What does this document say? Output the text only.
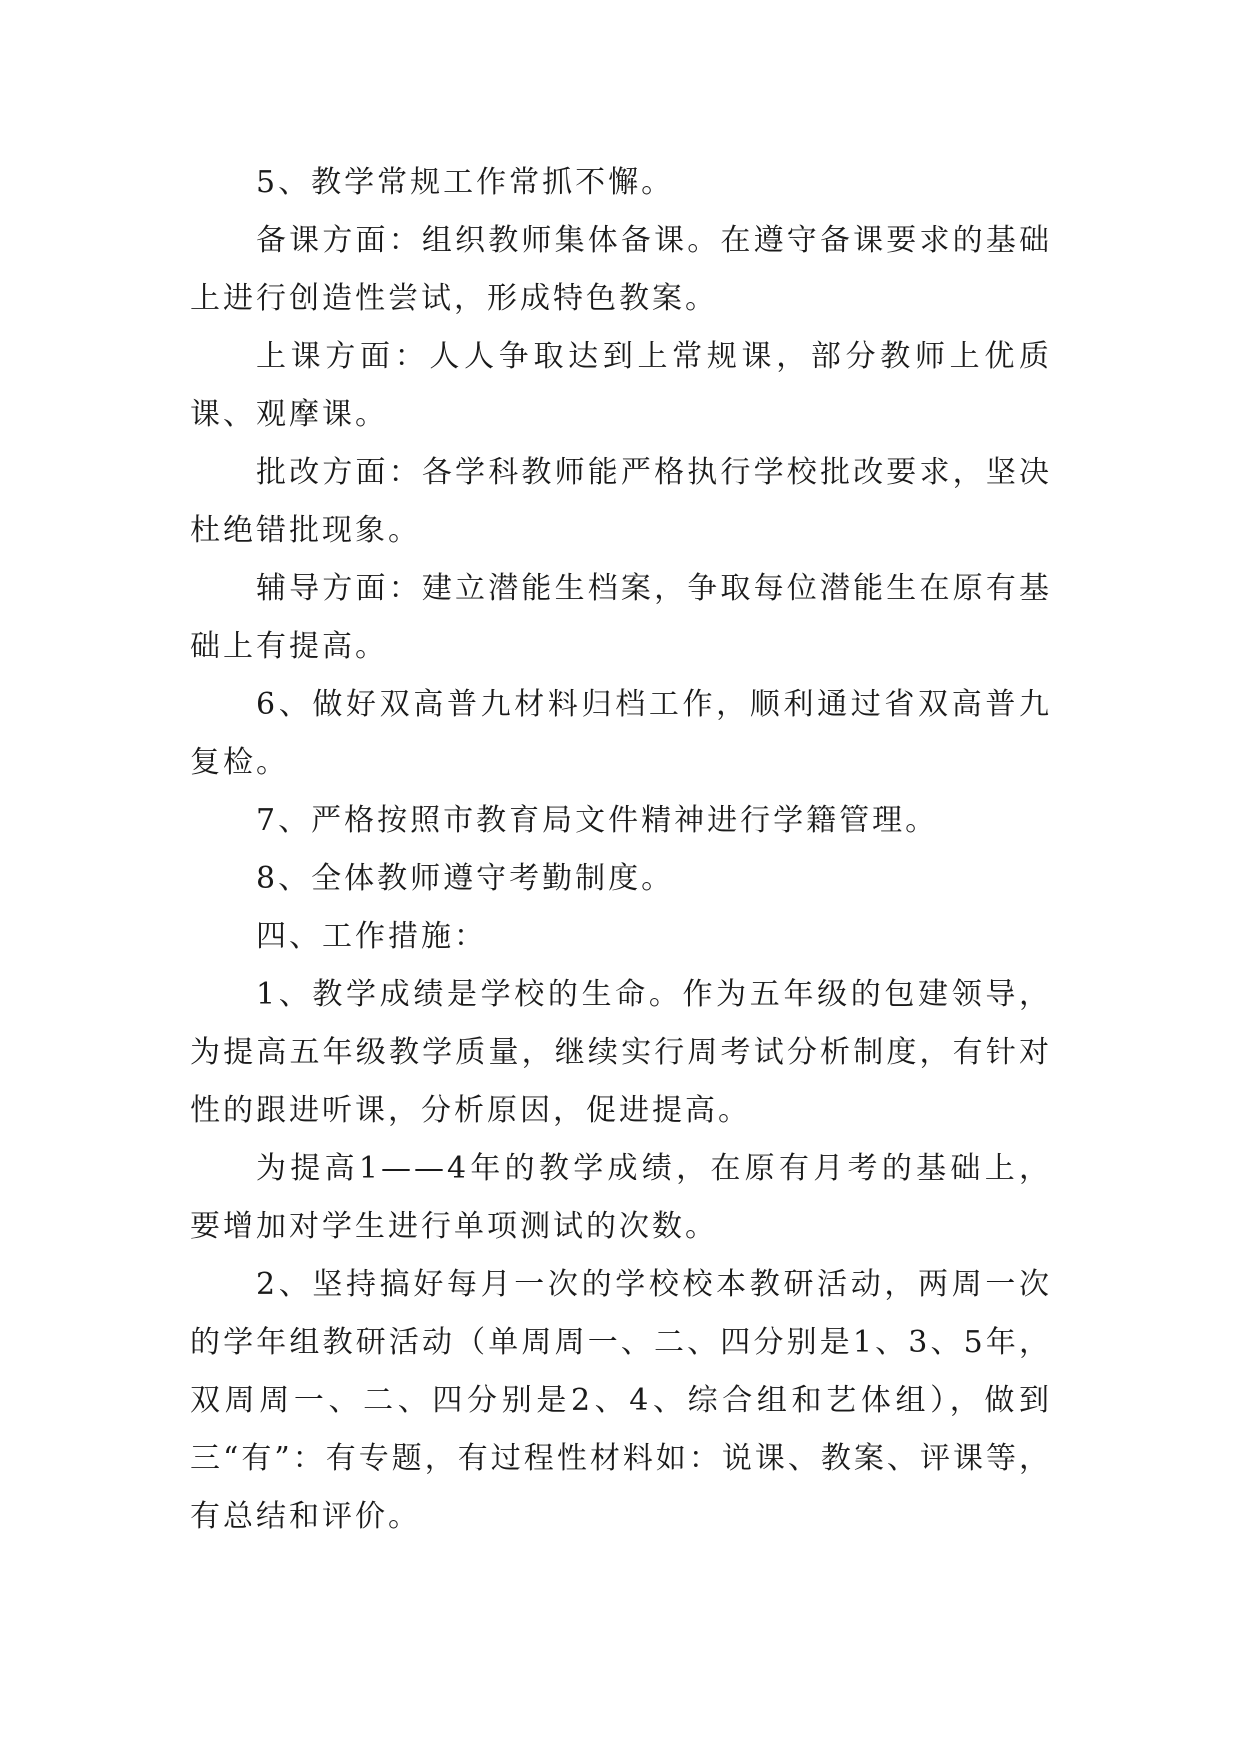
5、教学常规工作常抓不懈。

备课方面：组织教师集体备课。在遵守备课要求的基础上进行创造性尝试，形成特色教案。

上课方面：人人争取达到上常规课，部分教师上优质课、观摩课。

批改方面：各学科教师能严格执行学校批改要求，坚决杜绝错批现象。

辅导方面：建立潜能生档案，争取每位潜能生在原有基础上有提高。

6、做好双高普九材料归档工作，顺利通过省双高普九复检。

7、严格按照市教育局文件精神进行学籍管理。

8、全体教师遵守考勤制度。

四、工作措施：

1、教学成绩是学校的生命。作为五年级的包建领导，为提高五年级教学质量，继续实行周考试分析制度，有针对性的跟进听课，分析原因，促进提高。

为提高1——4年的教学成绩，在原有月考的基础上，要增加对学生进行单项测试的次数。

2、坚持搞好每月一次的学校校本教研活动，两周一次的学年组教研活动（单周周一、二、四分别是1、3、5年，双周周一、二、四分别是2、4、综合组和艺体组），做到三“有”：有专题，有过程性材料如：说课、教案、评课等，有总结和评价。
